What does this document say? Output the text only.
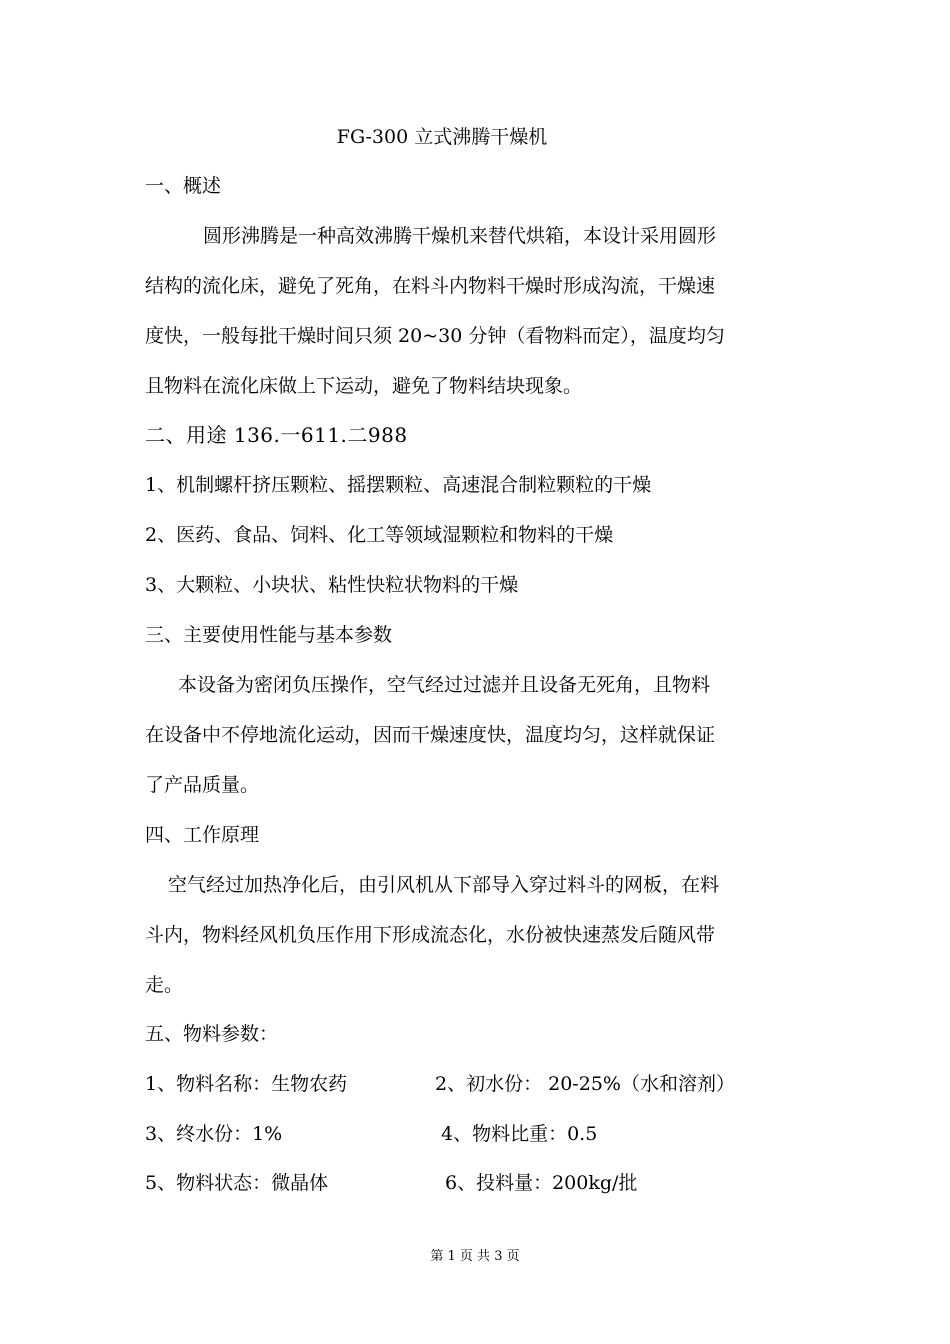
FG-300 立式沸腾干燥机
一、概述
圆形沸腾是一种高效沸腾干燥机来替代烘箱，本设计采用圆形
结构的流化床，避免了死角，在料斗内物料干燥时形成沟流，干燥速
度快，一般每批干燥时间只须 20~30 分钟（看物料而定），温度均匀
且物料在流化床做上下运动，避免了物料结块现象。
二、用途 136.一611.二988
1、机制螺杆挤压颗粒、摇摆颗粒、高速混合制粒颗粒的干燥
2、医药、食品、饲料、化工等领域湿颗粒和物料的干燥
3、大颗粒、小块状、粘性快粒状物料的干燥
三、主要使用性能与基本参数
本设备为密闭负压操作，空气经过过滤并且设备无死角，且物料
在设备中不停地流化运动，因而干燥速度快，温度均匀，这样就保证
了产品质量。
四、工作原理
空气经过加热净化后，由引风机从下部导入穿过料斗的网板，在料
斗内，物料经风机负压作用下形成流态化，水份被快速蒸发后随风带
走。
五、物料参数：
1、物料名称：生物农药	2、初水份： 20-25%（水和溶剂）
3、终水份：1%	4、物料比重：0.5
5、物料状态：微晶体	6、投料量：200kg/批
第 1 页 共 3 页
